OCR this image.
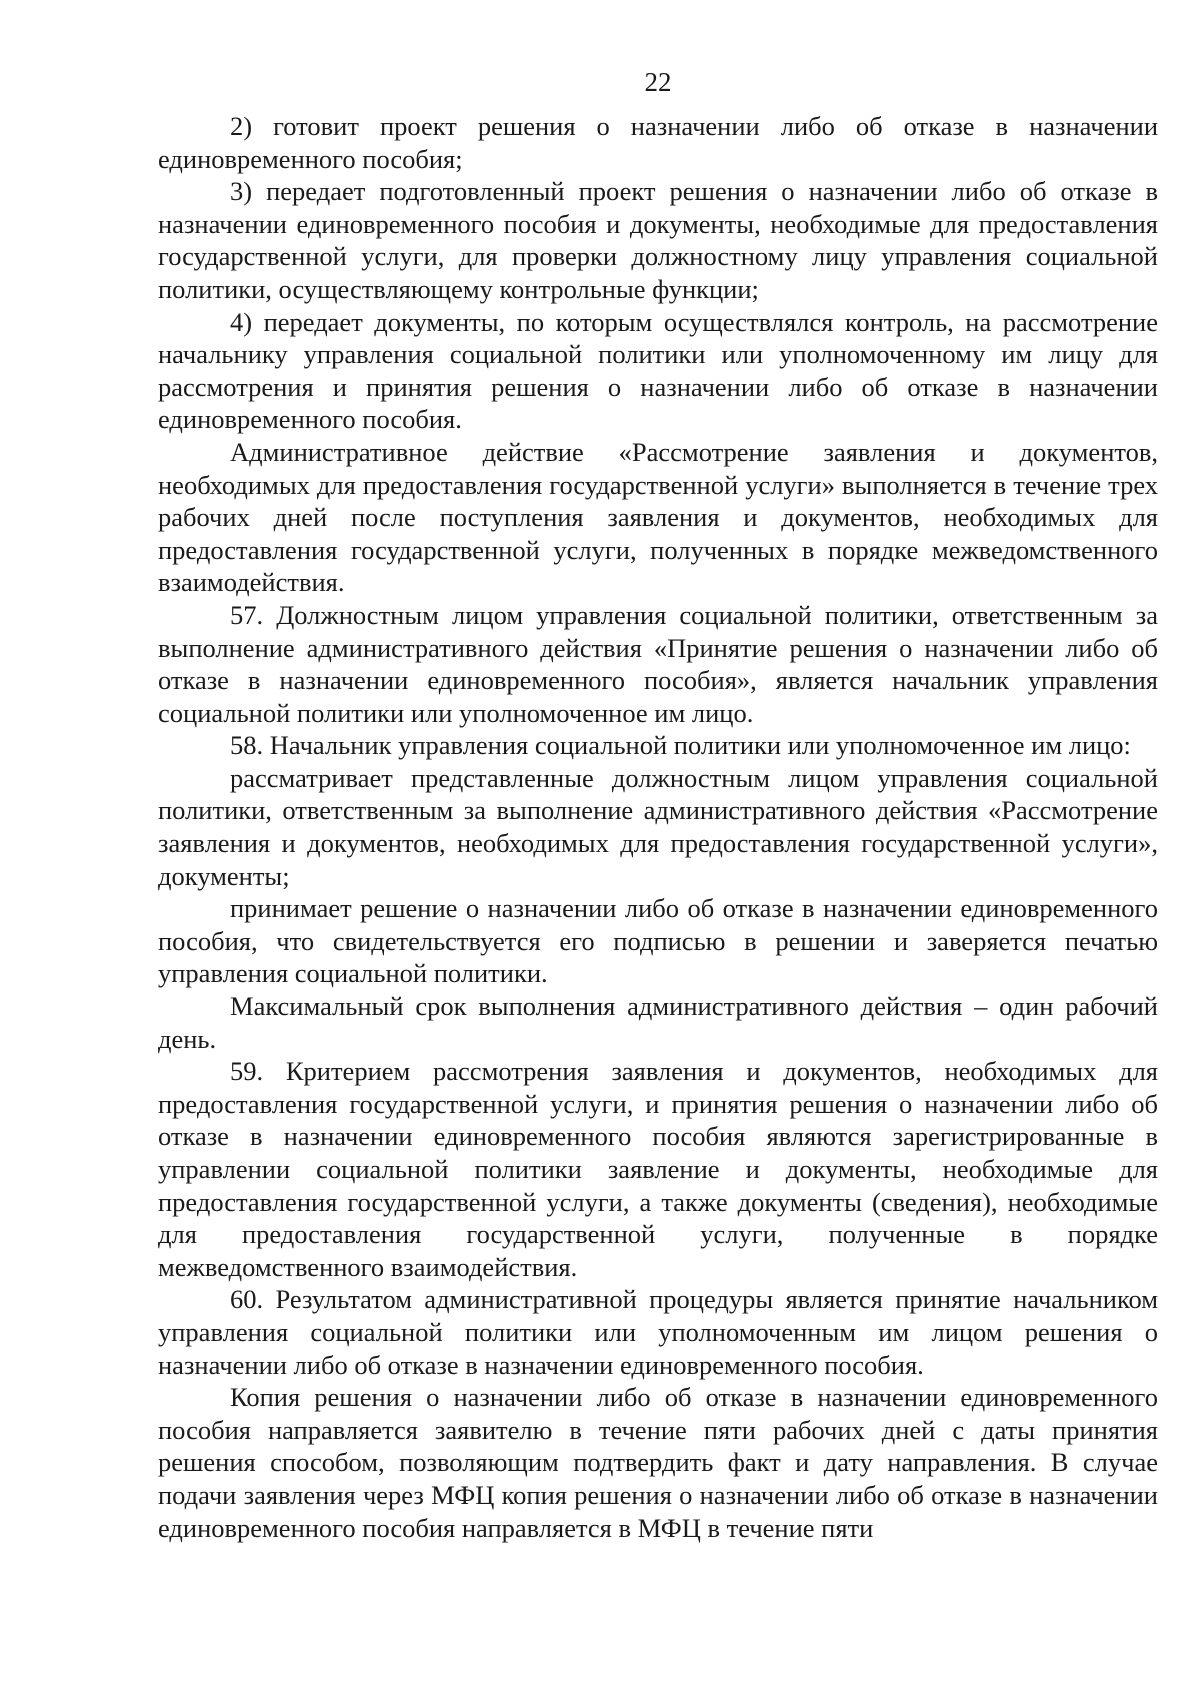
22

2) готовит проект решения о назначении либо об отказе в назначении единовременного пособия;

3) передает подготовленный проект решения о назначении либо об отказе в назначении единовременного пособия и документы, необходимые для предоставления государственной услуги, для проверки должностному лицу управления социальной политики, осуществляющему контрольные функции;

4) передает документы, по которым осуществлялся контроль, на рассмотрение начальнику управления социальной политики или уполномоченному им лицу для рассмотрения и принятия решения о назначении либо об отказе в назначении единовременного пособия.

Административное действие «Рассмотрение заявления и документов, необходимых для предоставления государственной услуги» выполняется в течение трех рабочих дней после поступления заявления и документов, необходимых для предоставления государственной услуги, полученных в порядке межведомственного взаимодействия.

57. Должностным лицом управления социальной политики, ответственным за выполнение административного действия «Принятие решения о назначении либо об отказе в назначении единовременного пособия», является начальник управления социальной политики или уполномоченное им лицо.

58. Начальник управления социальной политики или уполномоченное им лицо:

рассматривает представленные должностным лицом управления социальной политики, ответственным за выполнение административного действия «Рассмотрение заявления и документов, необходимых для предоставления государственной услуги», документы;

принимает решение о назначении либо об отказе в назначении единовременного пособия, что свидетельствуется его подписью в решении и заверяется печатью управления социальной политики.

Максимальный срок выполнения административного действия – один рабочий день.

59. Критерием рассмотрения заявления и документов, необходимых для предоставления государственной услуги, и принятия решения о назначении либо об отказе в назначении единовременного пособия являются зарегистрированные в управлении социальной политики заявление и документы, необходимые для предоставления государственной услуги, а также документы (сведения), необходимые для предоставления государственной услуги, полученные в порядке межведомственного взаимодействия.

60. Результатом административной процедуры является принятие начальником управления социальной политики или уполномоченным им лицом решения о назначении либо об отказе в назначении единовременного пособия.

Копия решения о назначении либо об отказе в назначении единовременного пособия направляется заявителю в течение пяти рабочих дней с даты принятия решения способом, позволяющим подтвердить факт и дату направления. В случае подачи заявления через МФЦ копия решения о назначении либо об отказе в назначении единовременного пособия направляется в МФЦ в течение пяти
